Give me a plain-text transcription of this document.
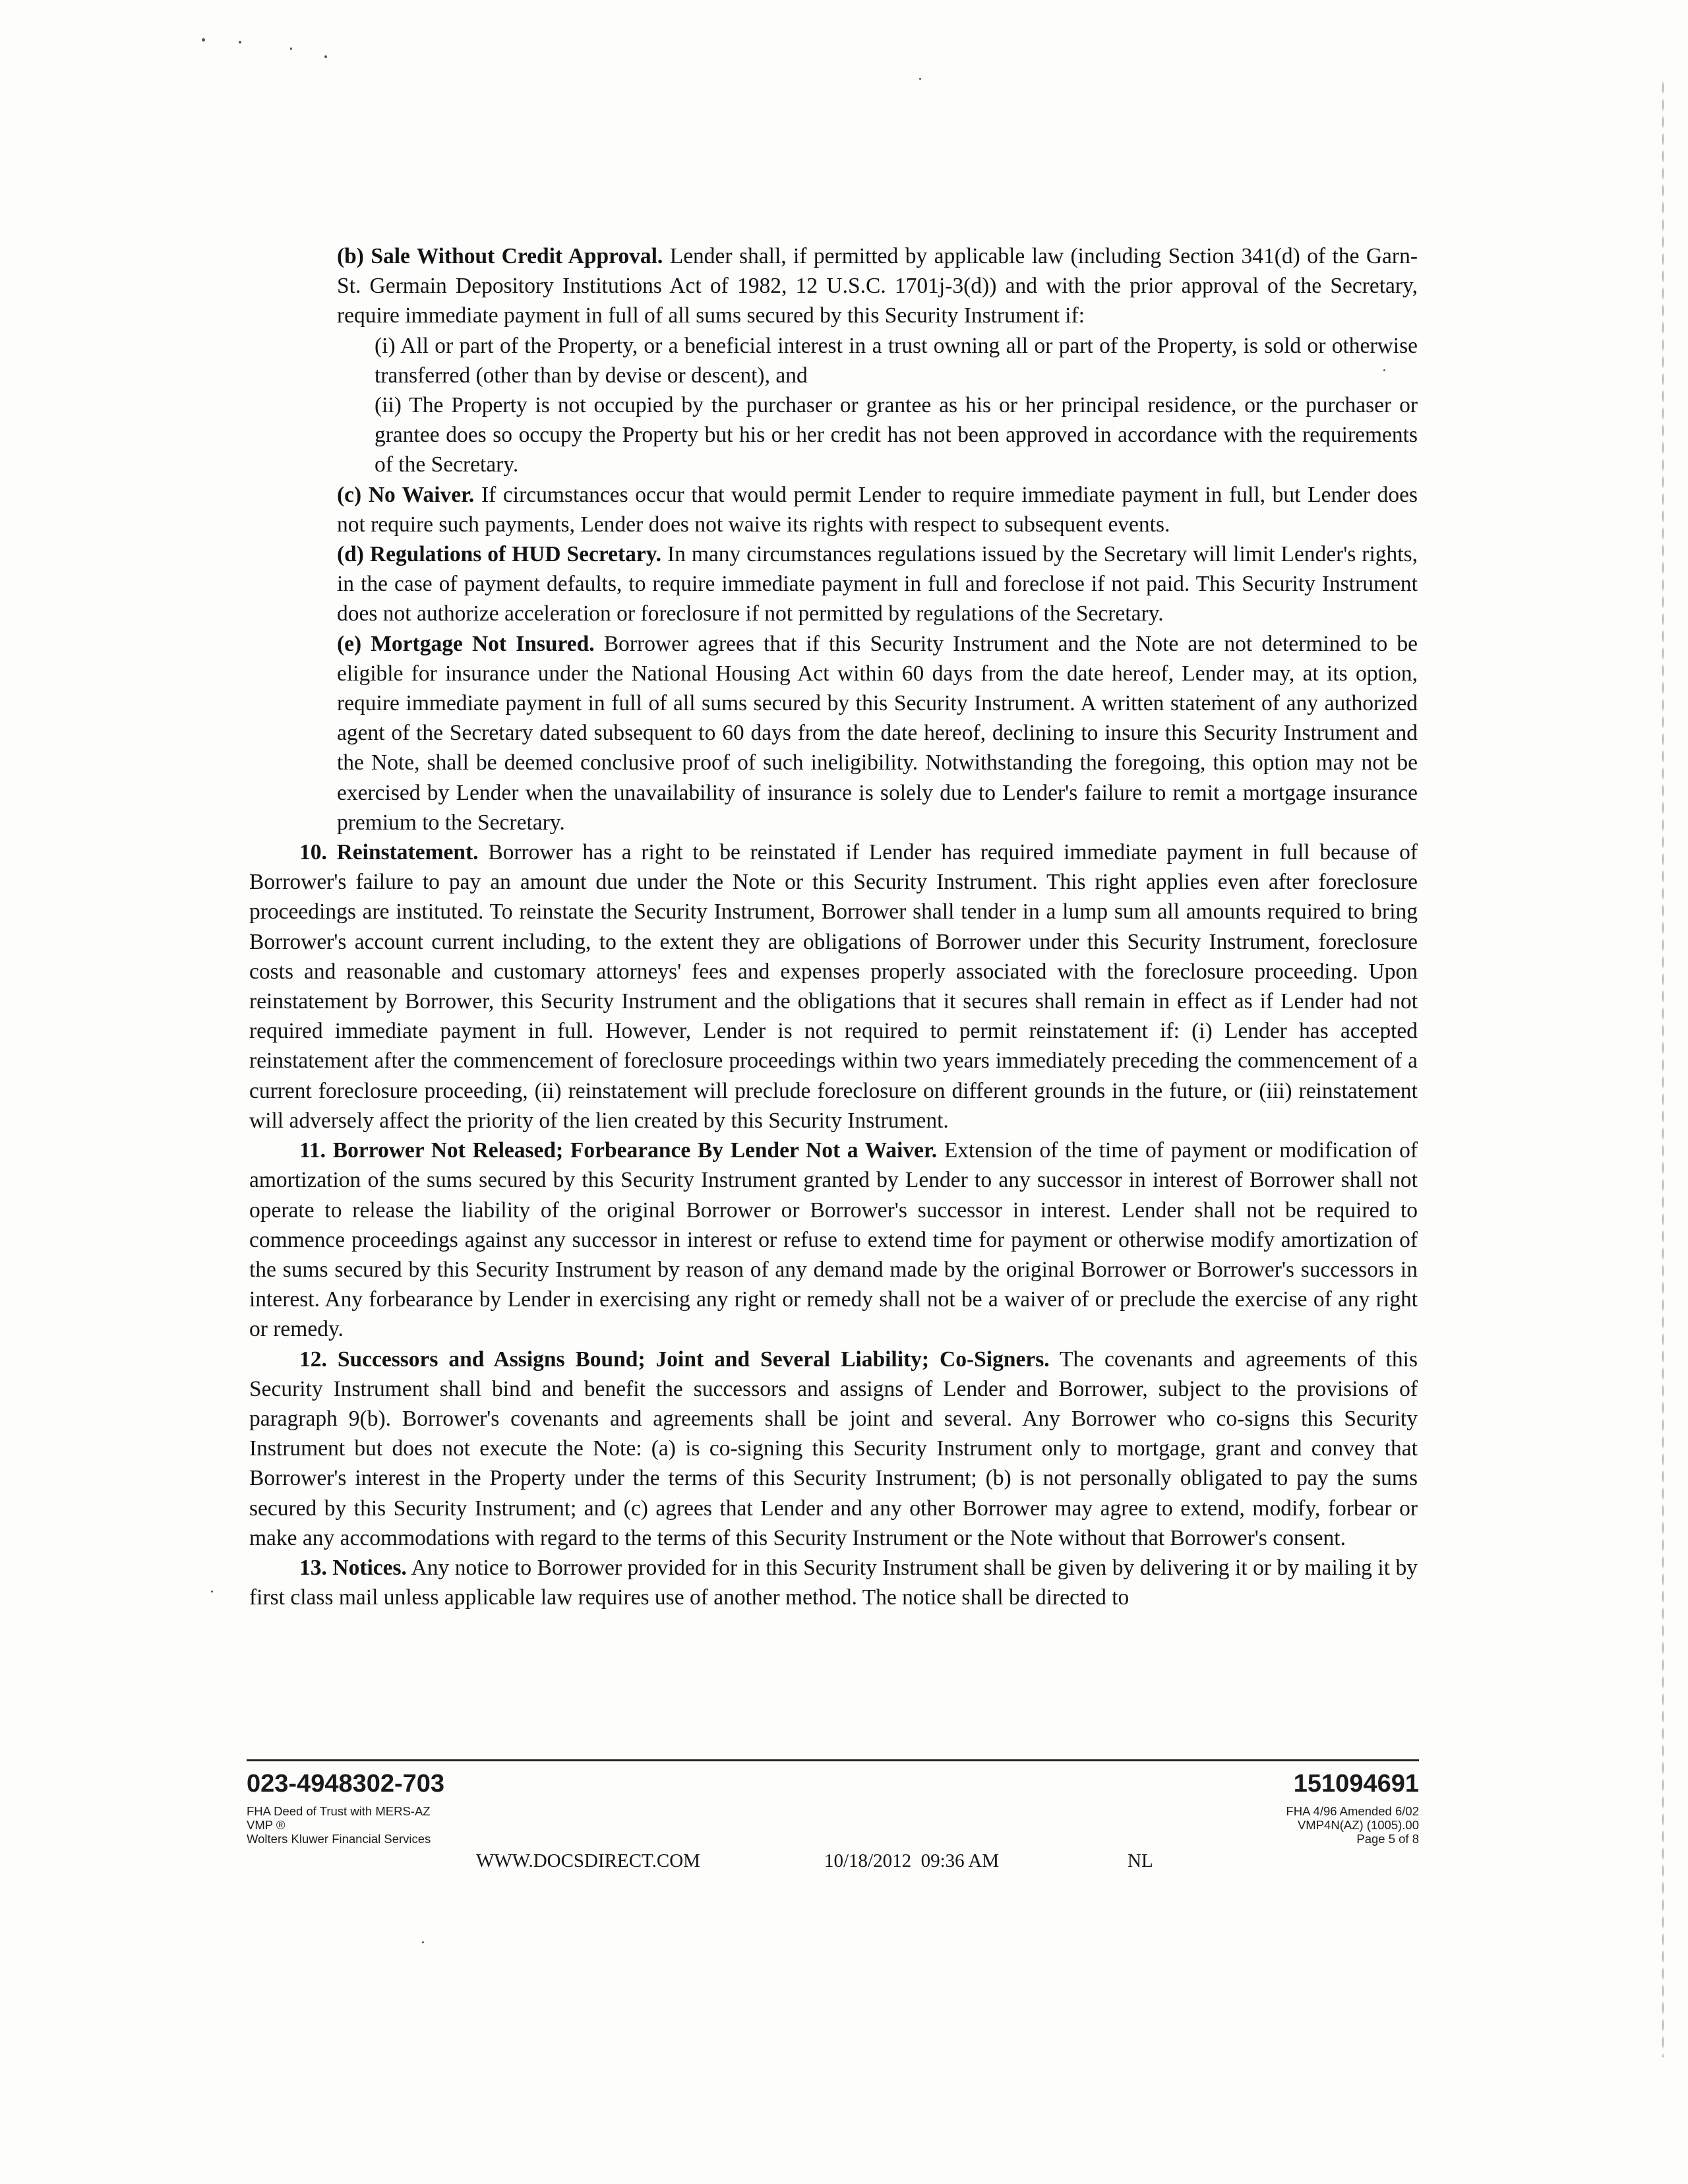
(b) Sale Without Credit Approval. Lender shall, if permitted by applicable law (including Section 341(d) of the Garn-St. Germain Depository Institutions Act of 1982, 12 U.S.C. 1701j-3(d)) and with the prior approval of the Secretary, require immediate payment in full of all sums secured by this Security Instrument if:

(i) All or part of the Property, or a beneficial interest in a trust owning all or part of the Property, is sold or otherwise transferred (other than by devise or descent), and

(ii) The Property is not occupied by the purchaser or grantee as his or her principal residence, or the purchaser or grantee does so occupy the Property but his or her credit has not been approved in accordance with the requirements of the Secretary.

(c) No Waiver. If circumstances occur that would permit Lender to require immediate payment in full, but Lender does not require such payments, Lender does not waive its rights with respect to subsequent events.

(d) Regulations of HUD Secretary. In many circumstances regulations issued by the Secretary will limit Lender's rights, in the case of payment defaults, to require immediate payment in full and foreclose if not paid. This Security Instrument does not authorize acceleration or foreclosure if not permitted by regulations of the Secretary.

(e) Mortgage Not Insured. Borrower agrees that if this Security Instrument and the Note are not determined to be eligible for insurance under the National Housing Act within 60 days from the date hereof, Lender may, at its option, require immediate payment in full of all sums secured by this Security Instrument. A written statement of any authorized agent of the Secretary dated subsequent to 60 days from the date hereof, declining to insure this Security Instrument and the Note, shall be deemed conclusive proof of such ineligibility. Notwithstanding the foregoing, this option may not be exercised by Lender when the unavailability of insurance is solely due to Lender's failure to remit a mortgage insurance premium to the Secretary.

10. Reinstatement. Borrower has a right to be reinstated if Lender has required immediate payment in full because of Borrower's failure to pay an amount due under the Note or this Security Instrument. This right applies even after foreclosure proceedings are instituted. To reinstate the Security Instrument, Borrower shall tender in a lump sum all amounts required to bring Borrower's account current including, to the extent they are obligations of Borrower under this Security Instrument, foreclosure costs and reasonable and customary attorneys' fees and expenses properly associated with the foreclosure proceeding. Upon reinstatement by Borrower, this Security Instrument and the obligations that it secures shall remain in effect as if Lender had not required immediate payment in full. However, Lender is not required to permit reinstatement if: (i) Lender has accepted reinstatement after the commencement of foreclosure proceedings within two years immediately preceding the commencement of a current foreclosure proceeding, (ii) reinstatement will preclude foreclosure on different grounds in the future, or (iii) reinstatement will adversely affect the priority of the lien created by this Security Instrument.

11. Borrower Not Released; Forbearance By Lender Not a Waiver. Extension of the time of payment or modification of amortization of the sums secured by this Security Instrument granted by Lender to any successor in interest of Borrower shall not operate to release the liability of the original Borrower or Borrower's successor in interest. Lender shall not be required to commence proceedings against any successor in interest or refuse to extend time for payment or otherwise modify amortization of the sums secured by this Security Instrument by reason of any demand made by the original Borrower or Borrower's successors in interest. Any forbearance by Lender in exercising any right or remedy shall not be a waiver of or preclude the exercise of any right or remedy.

12. Successors and Assigns Bound; Joint and Several Liability; Co-Signers. The covenants and agreements of this Security Instrument shall bind and benefit the successors and assigns of Lender and Borrower, subject to the provisions of paragraph 9(b). Borrower's covenants and agreements shall be joint and several. Any Borrower who co-signs this Security Instrument but does not execute the Note: (a) is co-signing this Security Instrument only to mortgage, grant and convey that Borrower's interest in the Property under the terms of this Security Instrument; (b) is not personally obligated to pay the sums secured by this Security Instrument; and (c) agrees that Lender and any other Borrower may agree to extend, modify, forbear or make any accommodations with regard to the terms of this Security Instrument or the Note without that Borrower's consent.

13. Notices. Any notice to Borrower provided for in this Security Instrument shall be given by delivering it or by mailing it by first class mail unless applicable law requires use of another method. The notice shall be directed to

023-4948302-703	151094691
FHA Deed of Trust with MERS-AZ
VMP ®
Wolters Kluwer Financial Services
FHA 4/96 Amended 6/02
VMP4N(AZ) (1005).00
Page 5 of 8
WWW.DOCSDIRECT.COM	10/18/2012  09:36 AM	NL
